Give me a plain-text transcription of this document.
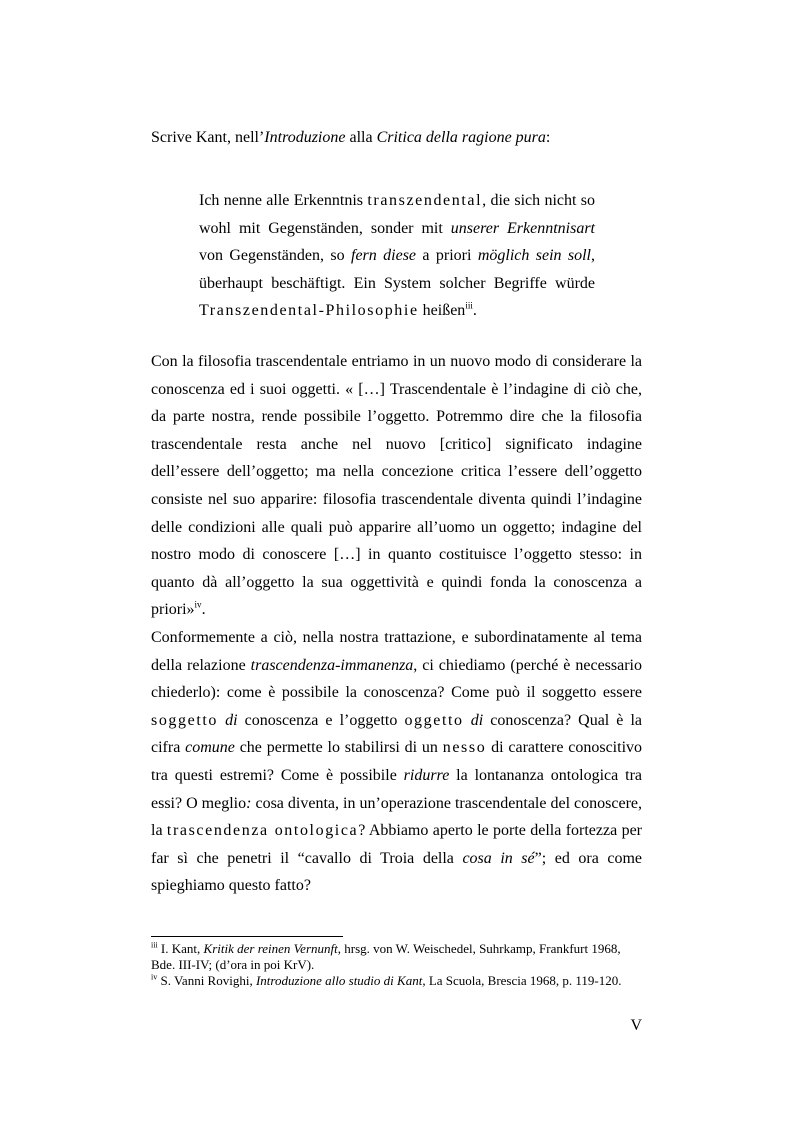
Scrive Kant, nell’Introduzione alla Critica della ragione pura:

Ich nenne alle Erkenntnis transzendental, die sich nicht so wohl mit Gegenständen, sonder mit unserer Erkenntnisart von Gegenständen, so fern diese a priori möglich sein soll, überhaupt beschäftigt. Ein System solcher Begriffe würde Transzendental-Philosophie heißen$^{iii}$.

Con la filosofia trascendentale entriamo in un nuovo modo di considerare la conoscenza ed i suoi oggetti. « […] Trascendentale è l’indagine di ciò che, da parte nostra, rende possibile l’oggetto. Potremmo dire che la filosofia trascendentale resta anche nel nuovo [critico] significato indagine dell’essere dell’oggetto; ma nella concezione critica l’essere dell’oggetto consiste nel suo apparire: filosofia trascendentale diventa quindi l’indagine delle condizioni alle quali può apparire all’uomo un oggetto; indagine del nostro modo di conoscere […] in quanto costituisce l’oggetto stesso: in quanto dà all’oggetto la sua oggettività e quindi fonda la conoscenza a priori»$^{iv}$.

Conformemente a ciò, nella nostra trattazione, e subordinatamente al tema della relazione trascendenza-immanenza, ci chiediamo (perché è necessario chiederlo): come è possibile la conoscenza? Come può il soggetto essere soggetto di conoscenza e l’oggetto oggetto di conoscenza? Qual è la cifra comune che permette lo stabilirsi di un nesso di carattere conoscitivo tra questi estremi? Come è possibile ridurre la lontananza ontologica tra essi? O meglio: cosa diventa, in un’operazione trascendentale del conoscere, la trascendenza ontologica? Abbiamo aperto le porte della fortezza per far sì che penetri il “cavallo di Troia della cosa in sé”; ed ora come spieghiamo questo fatto?

$^{iii}$ I. Kant, Kritik der reinen Vernunft, hrsg. von W. Weischedel, Suhrkamp, Frankfurt 1968, Bde. III-IV; (d’ora in poi KrV).

$^{iv}$ S. Vanni Rovighi, Introduzione allo studio di Kant, La Scuola, Brescia 1968, p. 119-120.

V
